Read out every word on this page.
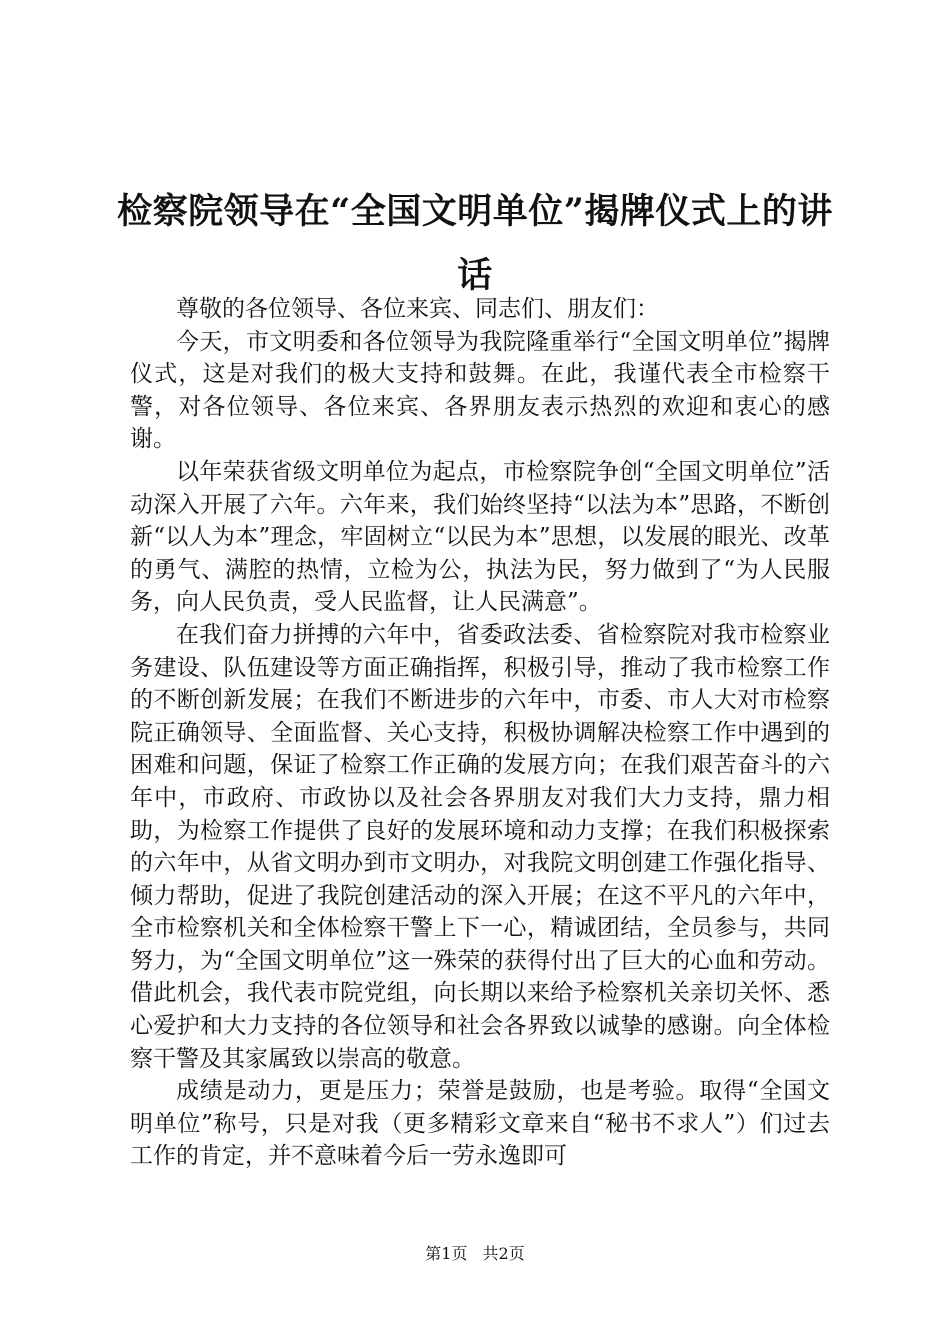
检察院领导在“全国文明单位”揭牌仪式上的讲话

尊敬的各位领导、各位来宾、同志们、朋友们：

今天，市文明委和各位领导为我院隆重举行“全国文明单位”揭牌仪式，这是对我们的极大支持和鼓舞。在此，我谨代表全市检察干警，对各位领导、各位来宾、各界朋友表示热烈的欢迎和衷心的感谢。

以年荣获省级文明单位为起点，市检察院争创“全国文明单位”活动深入开展了六年。六年来，我们始终坚持“以法为本”思路，不断创新“以人为本”理念，牢固树立“以民为本”思想，以发展的眼光、改革的勇气、满腔的热情，立检为公，执法为民，努力做到了“为人民服务，向人民负责，受人民监督，让人民满意”。

在我们奋力拼搏的六年中，省委政法委、省检察院对我市检察业务建设、队伍建设等方面正确指挥，积极引导，推动了我市检察工作的不断创新发展；在我们不断进步的六年中，市委、市人大对市检察院正确领导、全面监督、关心支持，积极协调解决检察工作中遇到的困难和问题，保证了检察工作正确的发展方向；在我们艰苦奋斗的六年中，市政府、市政协以及社会各界朋友对我们大力支持，鼎力相助，为检察工作提供了良好的发展环境和动力支撑；在我们积极探索的六年中，从省文明办到市文明办，对我院文明创建工作强化指导、倾力帮助，促进了我院创建活动的深入开展；在这不平凡的六年中，全市检察机关和全体检察干警上下一心，精诚团结，全员参与，共同努力，为“全国文明单位”这一殊荣的获得付出了巨大的心血和劳动。借此机会，我代表市院党组，向长期以来给予检察机关亲切关怀、悉心爱护和大力支持的各位领导和社会各界致以诚挚的感谢。向全体检察干警及其家属致以崇高的敬意。

成绩是动力，更是压力；荣誉是鼓励，也是考验。取得“全国文明单位”称号，只是对我（更多精彩文章来自“秘书不求人”）们过去工作的肯定，并不意味着今后一劳永逸即可

第1页 共2页
